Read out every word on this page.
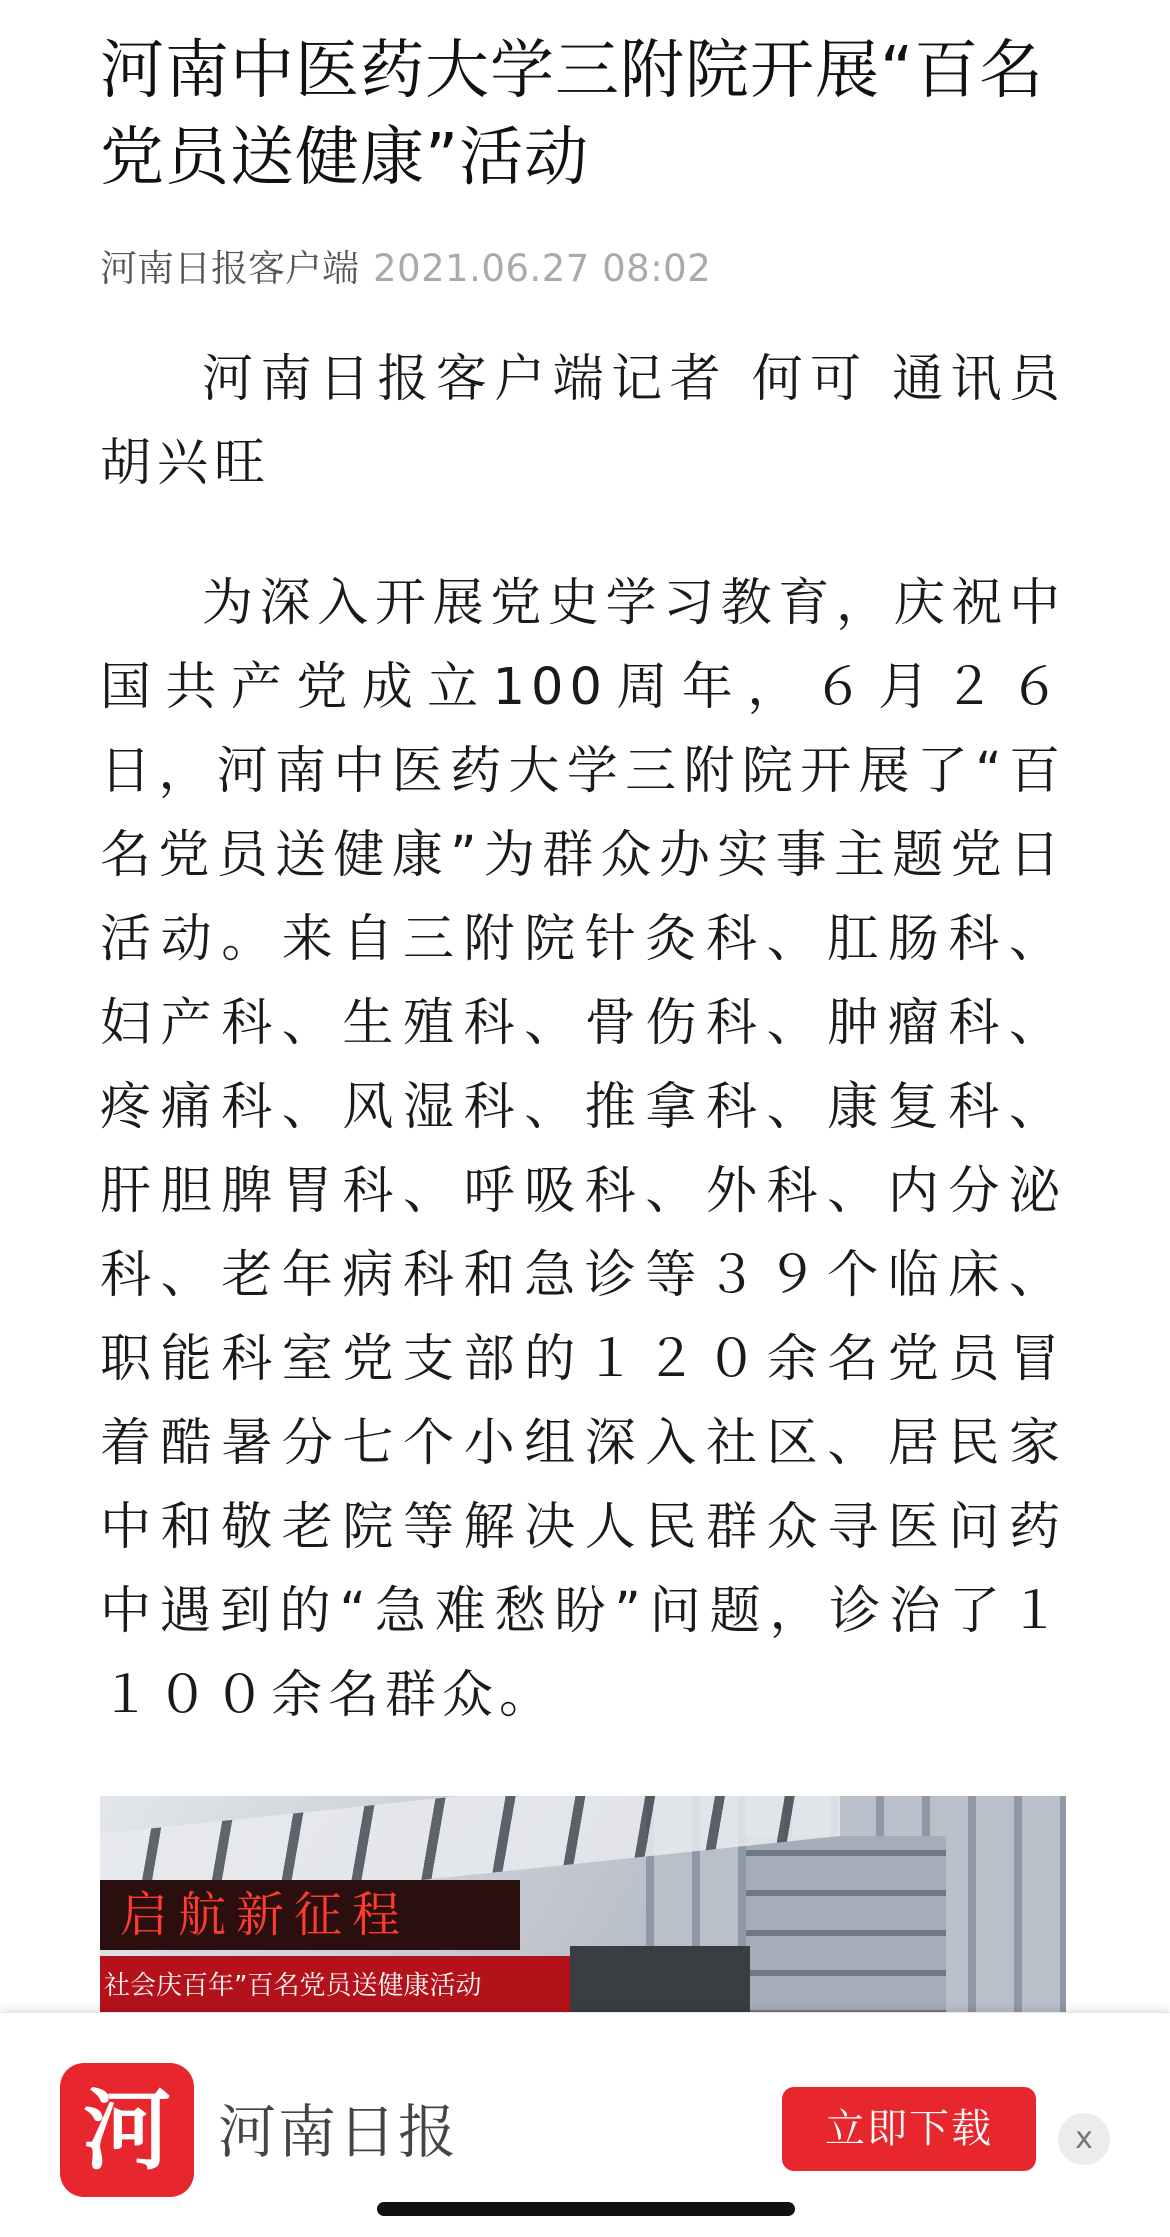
河南中医药大学三附院开展“百名党员送健康”活动
河南日报客户端 2021.06.27 08:02

河南日报客户端记者 何可 通讯员 胡兴旺

为深入开展党史学习教育，庆祝中国共产党成立100周年，６月２６日，河南中医药大学三附院开展了“百名党员送健康”为群众办实事主题党日活动。来自三附院针灸科、肛肠科、妇产科、生殖科、骨伤科、肿瘤科、疼痛科、风湿科、推拿科、康复科、肝胆脾胃科、呼吸科、外科、内分泌科、老年病科和急诊等３９个临床、职能科室党支部的１２０余名党员冒着酷暑分七个小组深入社区、居民家中和敬老院等解决人民群众寻医问药中遇到的“急难愁盼”问题，诊治了１１００余名群众。

启航新征程
社会庆百年”百名党员送健康活动
河 河南日报	立即下载	x
